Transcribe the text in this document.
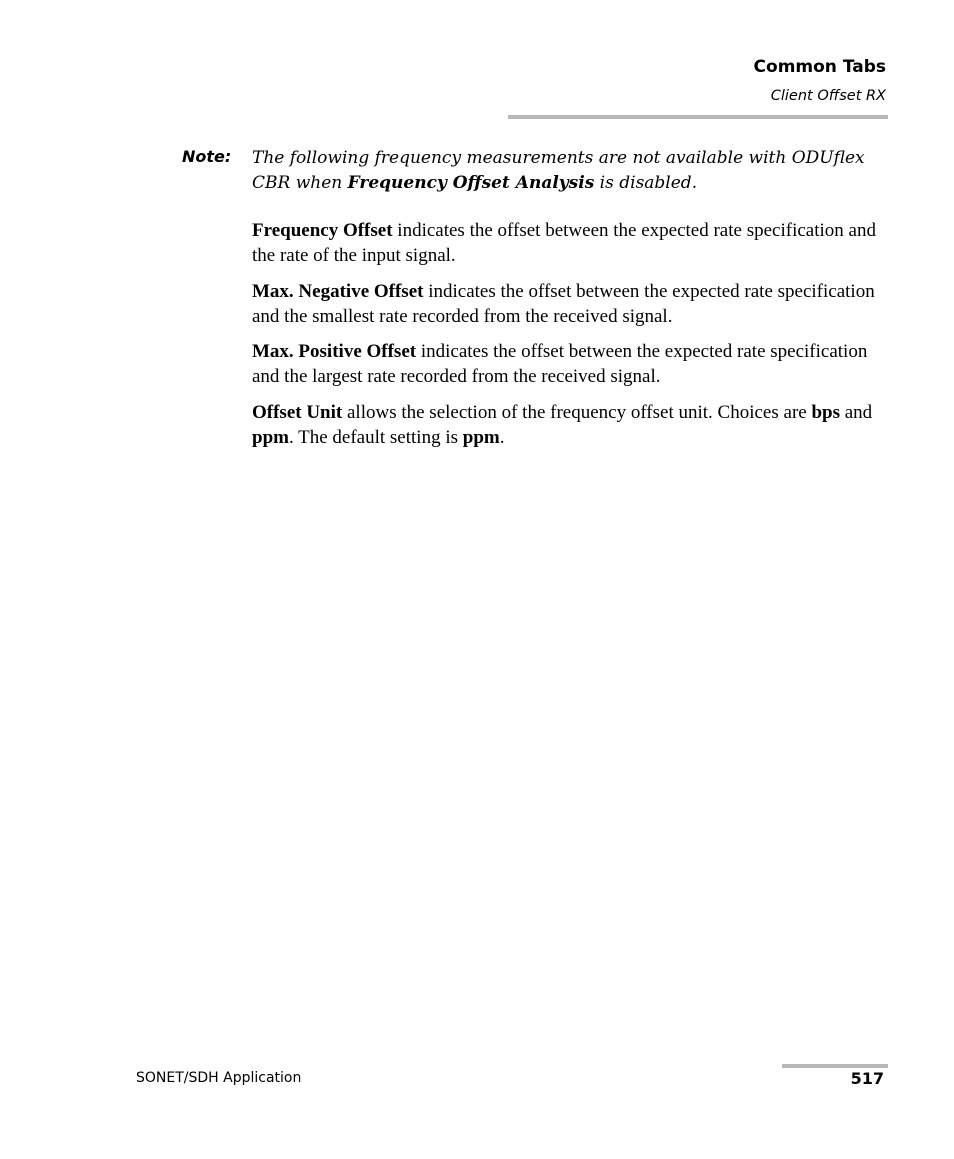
Common Tabs
Client Offset RX
Note: The following frequency measurements are not available with ODUflex CBR when Frequency Offset Analysis is disabled.
Frequency Offset indicates the offset between the expected rate specification and the rate of the input signal.
Max. Negative Offset indicates the offset between the expected rate specification and the smallest rate recorded from the received signal.
Max. Positive Offset indicates the offset between the expected rate specification and the largest rate recorded from the received signal.
Offset Unit allows the selection of the frequency offset unit. Choices are bps and ppm. The default setting is ppm.
SONET/SDH Application	517
